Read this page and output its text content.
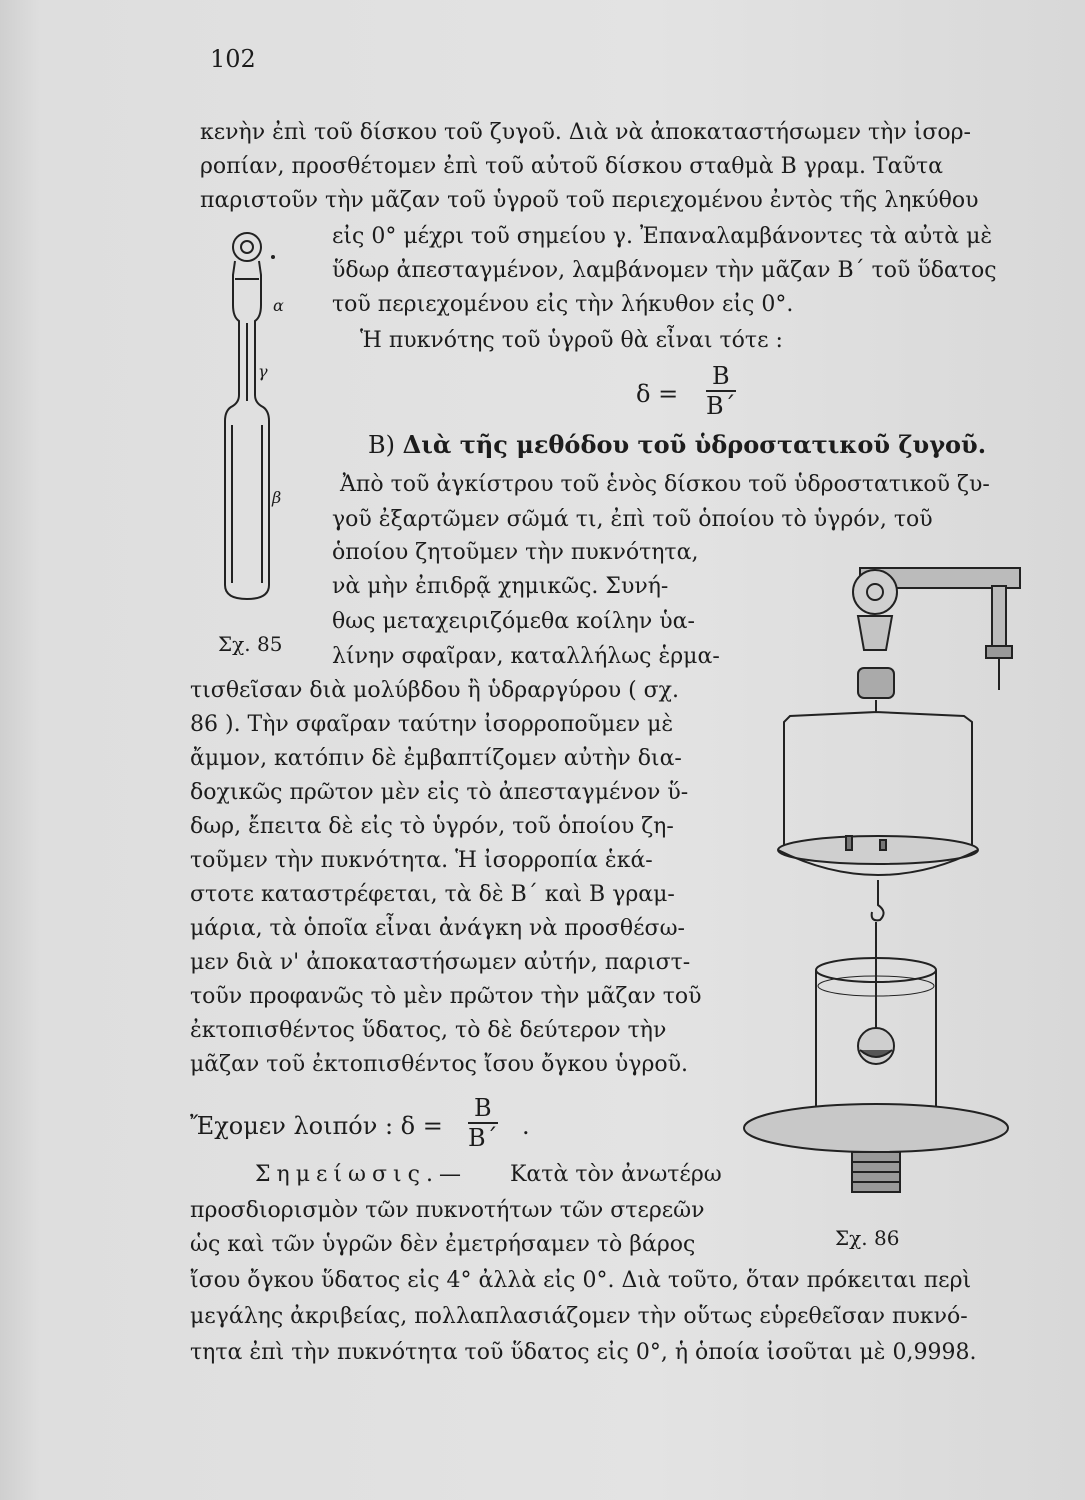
102
κενὴν ἐπὶ τοῦ δίσκου τοῦ ζυγοῦ. Διὰ νὰ ἀποκαταστήσωμεν τὴν ἰσορ-
ροπίαν, προσθέτομεν ἐπὶ τοῦ αὐτοῦ δίσκου σταθμὰ Β γραμ. Ταῦτα
παριστοῦν τὴν μᾶζαν τοῦ ὑγροῦ τοῦ περιεχομένου ἐντὸς τῆς ληκύθου
εἰς 0° μέχρι τοῦ σημείου γ. Ἐπαναλαμβάνοντες τὰ αὐτὰ μὲ
ὕδωρ ἀπεσταγμένον, λαμβάνομεν τὴν μᾶζαν Β΄ τοῦ ὕδατος
τοῦ περιεχομένου εἰς τὴν λήκυθον εἰς 0°.
Ἡ πυκνότης τοῦ ὑγροῦ θὰ εἶναι τότε :
$\delta = \frac{B}{B΄}$
Β) Διὰ τῆς μεθόδου τοῦ ὑδροστατικοῦ ζυγοῦ.
Ἀπὸ τοῦ ἀγκίστρου τοῦ ἑνὸς δίσκου τοῦ ὑδροστατικοῦ ζυ-
γοῦ ἐξαρτῶμεν σῶμά τι, ἐπὶ τοῦ ὁποίου τὸ ὑγρόν, τοῦ
ὁποίου ζητοῦμεν τὴν πυκνότητα,
νὰ μὴν ἐπιδρᾷ χημικῶς. Συνή-
θως μεταχειριζόμεθα κοίλην ὑα-
λίνην σφαῖραν, καταλλήλως ἑρμα-
τισθεῖσαν διὰ μολύβδου ἢ ὑδραργύρου ( σχ.
86 ). Τὴν σφαῖραν ταύτην ἰσορροποῦμεν μὲ
ἄμμον, κατόπιν δὲ ἐμβαπτίζομεν αὐτὴν δια-
δοχικῶς πρῶτον μὲν εἰς τὸ ἀπεσταγμένον ὕ-
δωρ, ἔπειτα δὲ εἰς τὸ ὑγρόν, τοῦ ὁποίου ζη-
τοῦμεν τὴν πυκνότητα. Ἡ ἰσορροπία ἑκά-
στοτε καταστρέφεται, τὰ δὲ Β΄ καὶ Β γραμ-
μάρια, τὰ ὁποῖα εἶναι ἀνάγκη νὰ προσθέσω-
μεν διὰ ν' ἀποκαταστήσωμεν αὐτήν, παριστ-
τοῦν προφανῶς τὸ μὲν πρῶτον τὴν μᾶζαν τοῦ
ἐκτοπισθέντος ὕδατος, τὸ δὲ δεύτερον τὴν
μᾶζαν τοῦ ἐκτοπισθέντος ἴσου ὄγκου ὑγροῦ.
Ἔχομεν λοιπόν : $\delta = \frac{B}{B΄}$ .
Σημείωσις.— Κατὰ τὸν ἀνωτέρω
προσδιορισμὸν τῶν πυκνοτήτων τῶν στερεῶν
ὡς καὶ τῶν ὑγρῶν δὲν ἐμετρήσαμεν τὸ βάρος
ἴσου ὄγκου ὕδατος εἰς 4° ἀλλὰ εἰς 0°. Διὰ τοῦτο, ὅταν πρόκειται περὶ
μεγάλης ἀκριβείας, πολλαπλασιάζομεν τὴν οὕτως εὑρεθεῖσαν πυκνό-
τητα ἐπὶ τὴν πυκνότητα τοῦ ὕδατος εἰς 0°, ἡ ὁποία ἰσοῦται μὲ 0,9998.
α
γ
β
Σχ. 85
Σχ. 86
